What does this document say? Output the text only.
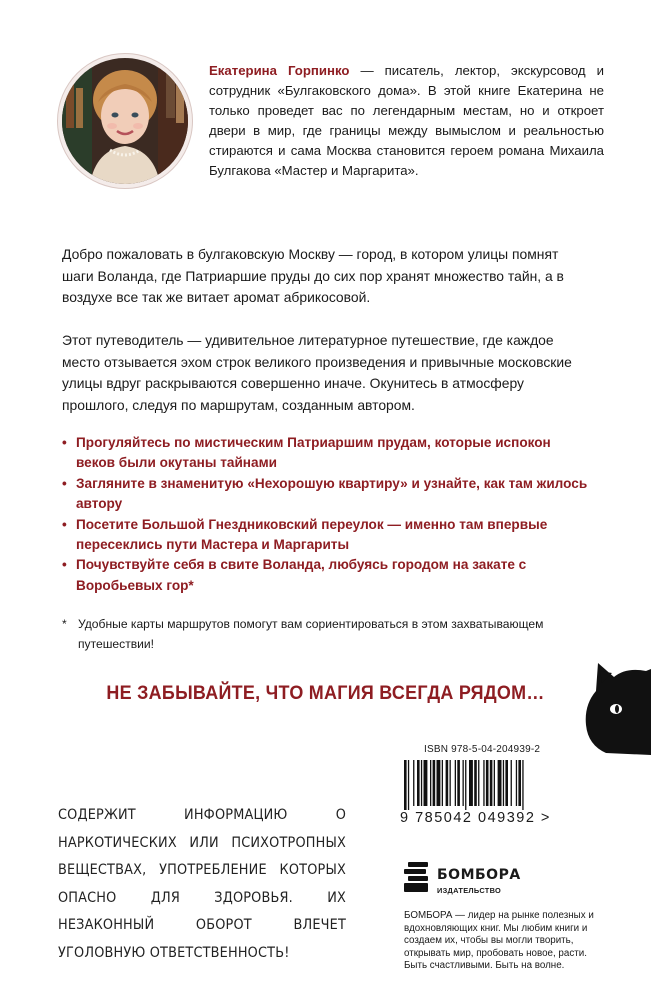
Екатерина Горпинко — писатель, лектор, экскурсовод и сотрудник «Булгаковского дома». В этой книге Екатерина не только проведет вас по легендарным местам, но и откроет двери в мир, где границы между вымыслом и реальностью стираются и сама Москва становится героем романа Михаила Булгакова «Мастер и Маргарита».

Добро пожаловать в булгаковскую Москву — город, в котором улицы помнят шаги Воланда, где Патриаршие пруды до сих пор хранят множество тайн, а в воздухе все так же витает аромат абрикосовой.

Этот путеводитель — удивительное литературное путешествие, где каждое место отзывается эхом строк великого произведения и привычные московские улицы вдруг раскрываются совершенно иначе. Окунитесь в атмосферу прошлого, следуя по маршрутам, созданным автором.

• Прогуляйтесь по мистическим Патриаршим прудам, которые испокон веков были окутаны тайнами
• Загляните в знаменитую «Нехорошую квартиру» и узнайте, как там жилось автору
• Посетите Большой Гнездниковский переулок — именно там впервые пересеклись пути Мастера и Маргариты
• Почувствуйте себя в свите Воланда, любуясь городом на закате с Воробьевых гор*

* Удобные карты маршрутов помогут вам сориентироваться в этом захватывающем путешествии!

НЕ ЗАБЫВАЙТЕ, ЧТО МАГИЯ ВСЕГДА РЯДОМ…

ISBN 978-5-04-204939-2
9 785042 049392 >

СОДЕРЖИТ ИНФОРМАЦИЮ О НАРКОТИЧЕСКИХ ИЛИ ПСИХОТРОПНЫХ ВЕЩЕСТВАХ, УПОТРЕБЛЕНИЕ КОТОРЫХ ОПАСНО ДЛЯ ЗДОРОВЬЯ. ИХ НЕЗАКОННЫЙ ОБОРОТ ВЛЕЧЕТ УГОЛОВНУЮ ОТВЕТСТВЕННОСТЬ!

БОМБОРА
ИЗДАТЕЛЬСТВО

БОМБОРА — лидер на рынке полезных и вдохновляющих книг. Мы любим книги и создаем их, чтобы вы могли творить, открывать мир, пробовать новое, расти. Быть счастливыми. Быть на волне.
